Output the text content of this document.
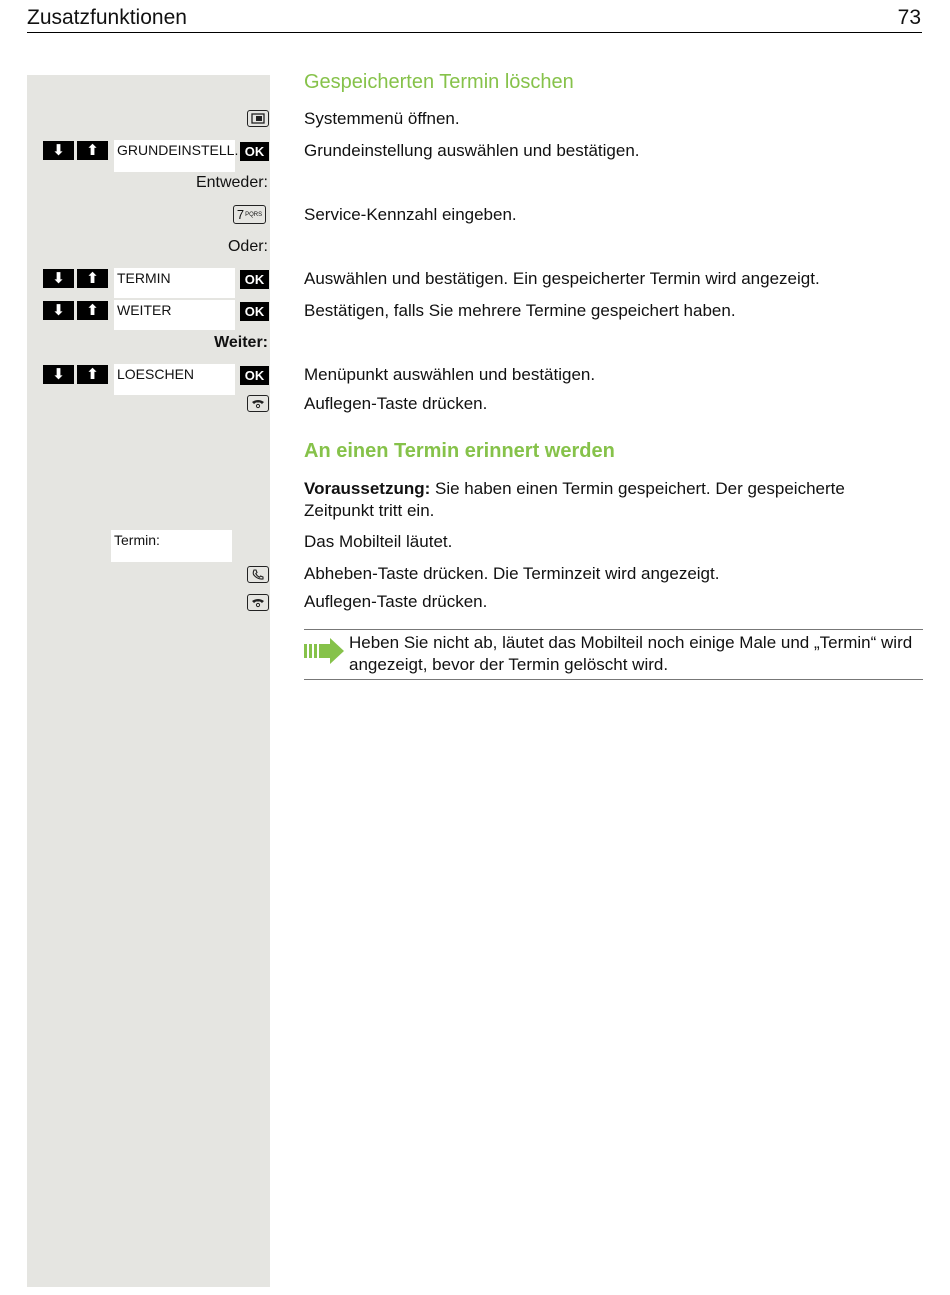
Zusatzfunktionen	73
Gespeicherten Termin löschen
Systemmenü öffnen.
⬇	⬆	GRUNDEINSTELL. OK Grundeinstellung auswählen und bestätigen.
Entweder:
7 PQRS Service-Kennzahl eingeben.
Oder:
⬇	⬆	TERMIN	OK Auswählen und bestätigen. Ein gespeicherter Termin wird angezeigt.
⬇	⬆	WEITER	OK Bestätigen, falls Sie mehrere Termine gespeichert haben.
Weiter:
⬇	⬆	LOESCHEN	OK Menüpunkt auswählen und bestätigen.
Auflegen-Taste drücken.
An einen Termin erinnert werden
Voraussetzung: Sie haben einen Termin gespeichert. Der gespeicherte Zeitpunkt tritt ein.
Termin:	Das Mobilteil läutet.
Abheben-Taste drücken. Die Terminzeit wird angezeigt.
Auflegen-Taste drücken.
Heben Sie nicht ab, läutet das Mobilteil noch einige Male und „Termin“ wird angezeigt, bevor der Termin gelöscht wird.
